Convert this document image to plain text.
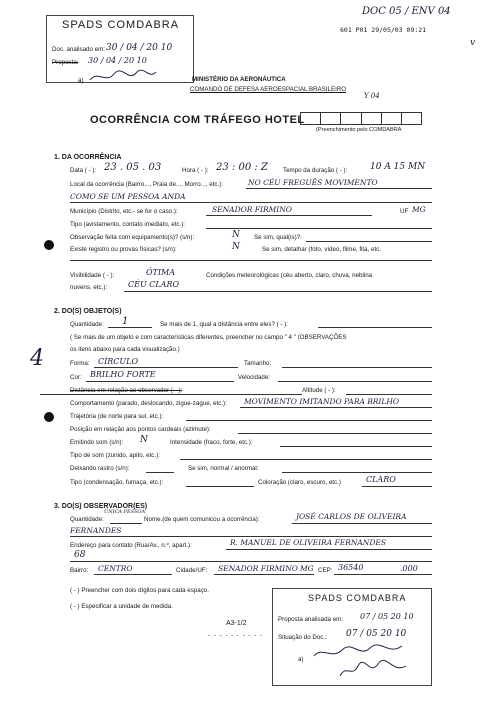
SPADS COMDABRA
Doc. analisado em: 30 / 04 / 20 10
Proposta: 30 / 04 / 20 10
a)
DOC 05 / ENV 04
601 P01 29/05/03 09:21
v
MINISTÉRIO DA AERONÁUTICA
COMANDO DE DEFESA AEROESPACIAL BRASILEIRO
Y 04
OCORRÊNCIA COM TRÁFEGO HOTEL
(Preenchimento pelo COMDABRA
1. DA OCORRÊNCIA
Data ( - ): 23 . 05 . 03	Hora ( - ): 23 : 00 : Z Tempo da duração ( - ):	10 A 15 MN
Local da ocorrência (Bairro..., Praia de..., Morro..., etc.):	NO CÉU FREGUÊS MOVIMENTO
COMO SE UM PESSOA ANDA
Município (Distrito, etc.- se for o caso.):	SENADOR FIRMINO	UF MG
Tipo (avistamento, contato imediato, etc.):
Observação feita com equipamento(s)? (s/n):	N Se sim, qual(is)?:
Existe registro ou provas físicas? (s/n):	N	Se sim, detalhar (foto, vídeo, filme, fita, etc.
Visibilidade ( - ):	ÓTIMA	Condições meteorológicas (céu aberto, claro, chuva, neblina
nuvens, etc.):	CÉU CLARO
2. DO(S) OBJETO(S)
4
Quantidade: 1	Se mais de 1, qual a distância entre eles? ( - ):
( Se mais de um objeto e com características diferentes, preencher no campo " 4 " (OBSERVAÇÕES
os itens abaixo para cada visualização.)
Forma: CÍRCULO	Tamanho:
Cor: BRILHO FORTE	Velocidade:
Distância em relação ao observador ( - ):	Altitude ( - ):
Comportamento (parado, deslocando, zigue-zague, etc.): MOVIMENTO IMITANDO PARA BRILHO
Trajetória (de norte para sul, etc.):
Posição em relação aos pontos cardeais (azimute):
Emitindo som (s/n): N	Intensidade (fraco, forte, etc.):
Tipo de som (zunido, apito, etc.):
Deixando rastro (s/n):	Se sim, normal / anormal:
Tipo (condensação, fumaça, etc.):	Coloração (claro, escuro, etc.)	CLARO
3. DO(S) OBSERVADOR(ES)
ÚNICA PESSOA
Quantidade:	Nome.(de quem comunicou a ocorrência):	JOSÉ CARLOS DE OLIVEIRA
FERNANDES
Endereço para contato (Rua/Av., n.º, apart.):	R. MANUEL DE OLIVEIRA FERNANDES
68
Bairro: CENTRO	Cidade/UF: SENADOR FIRMINO MG CEP: 36540	.000
( - ) Preencher com dois dígitos para cada espaço.
( - ) Especificar a unidade de medida.
A3-1/2
- - - - - - - - - -
SPADS COMDABRA
Proposta analisada em: 07 / 05 20 10
Situação do Doc.: 07 / 05 20 10
a)
